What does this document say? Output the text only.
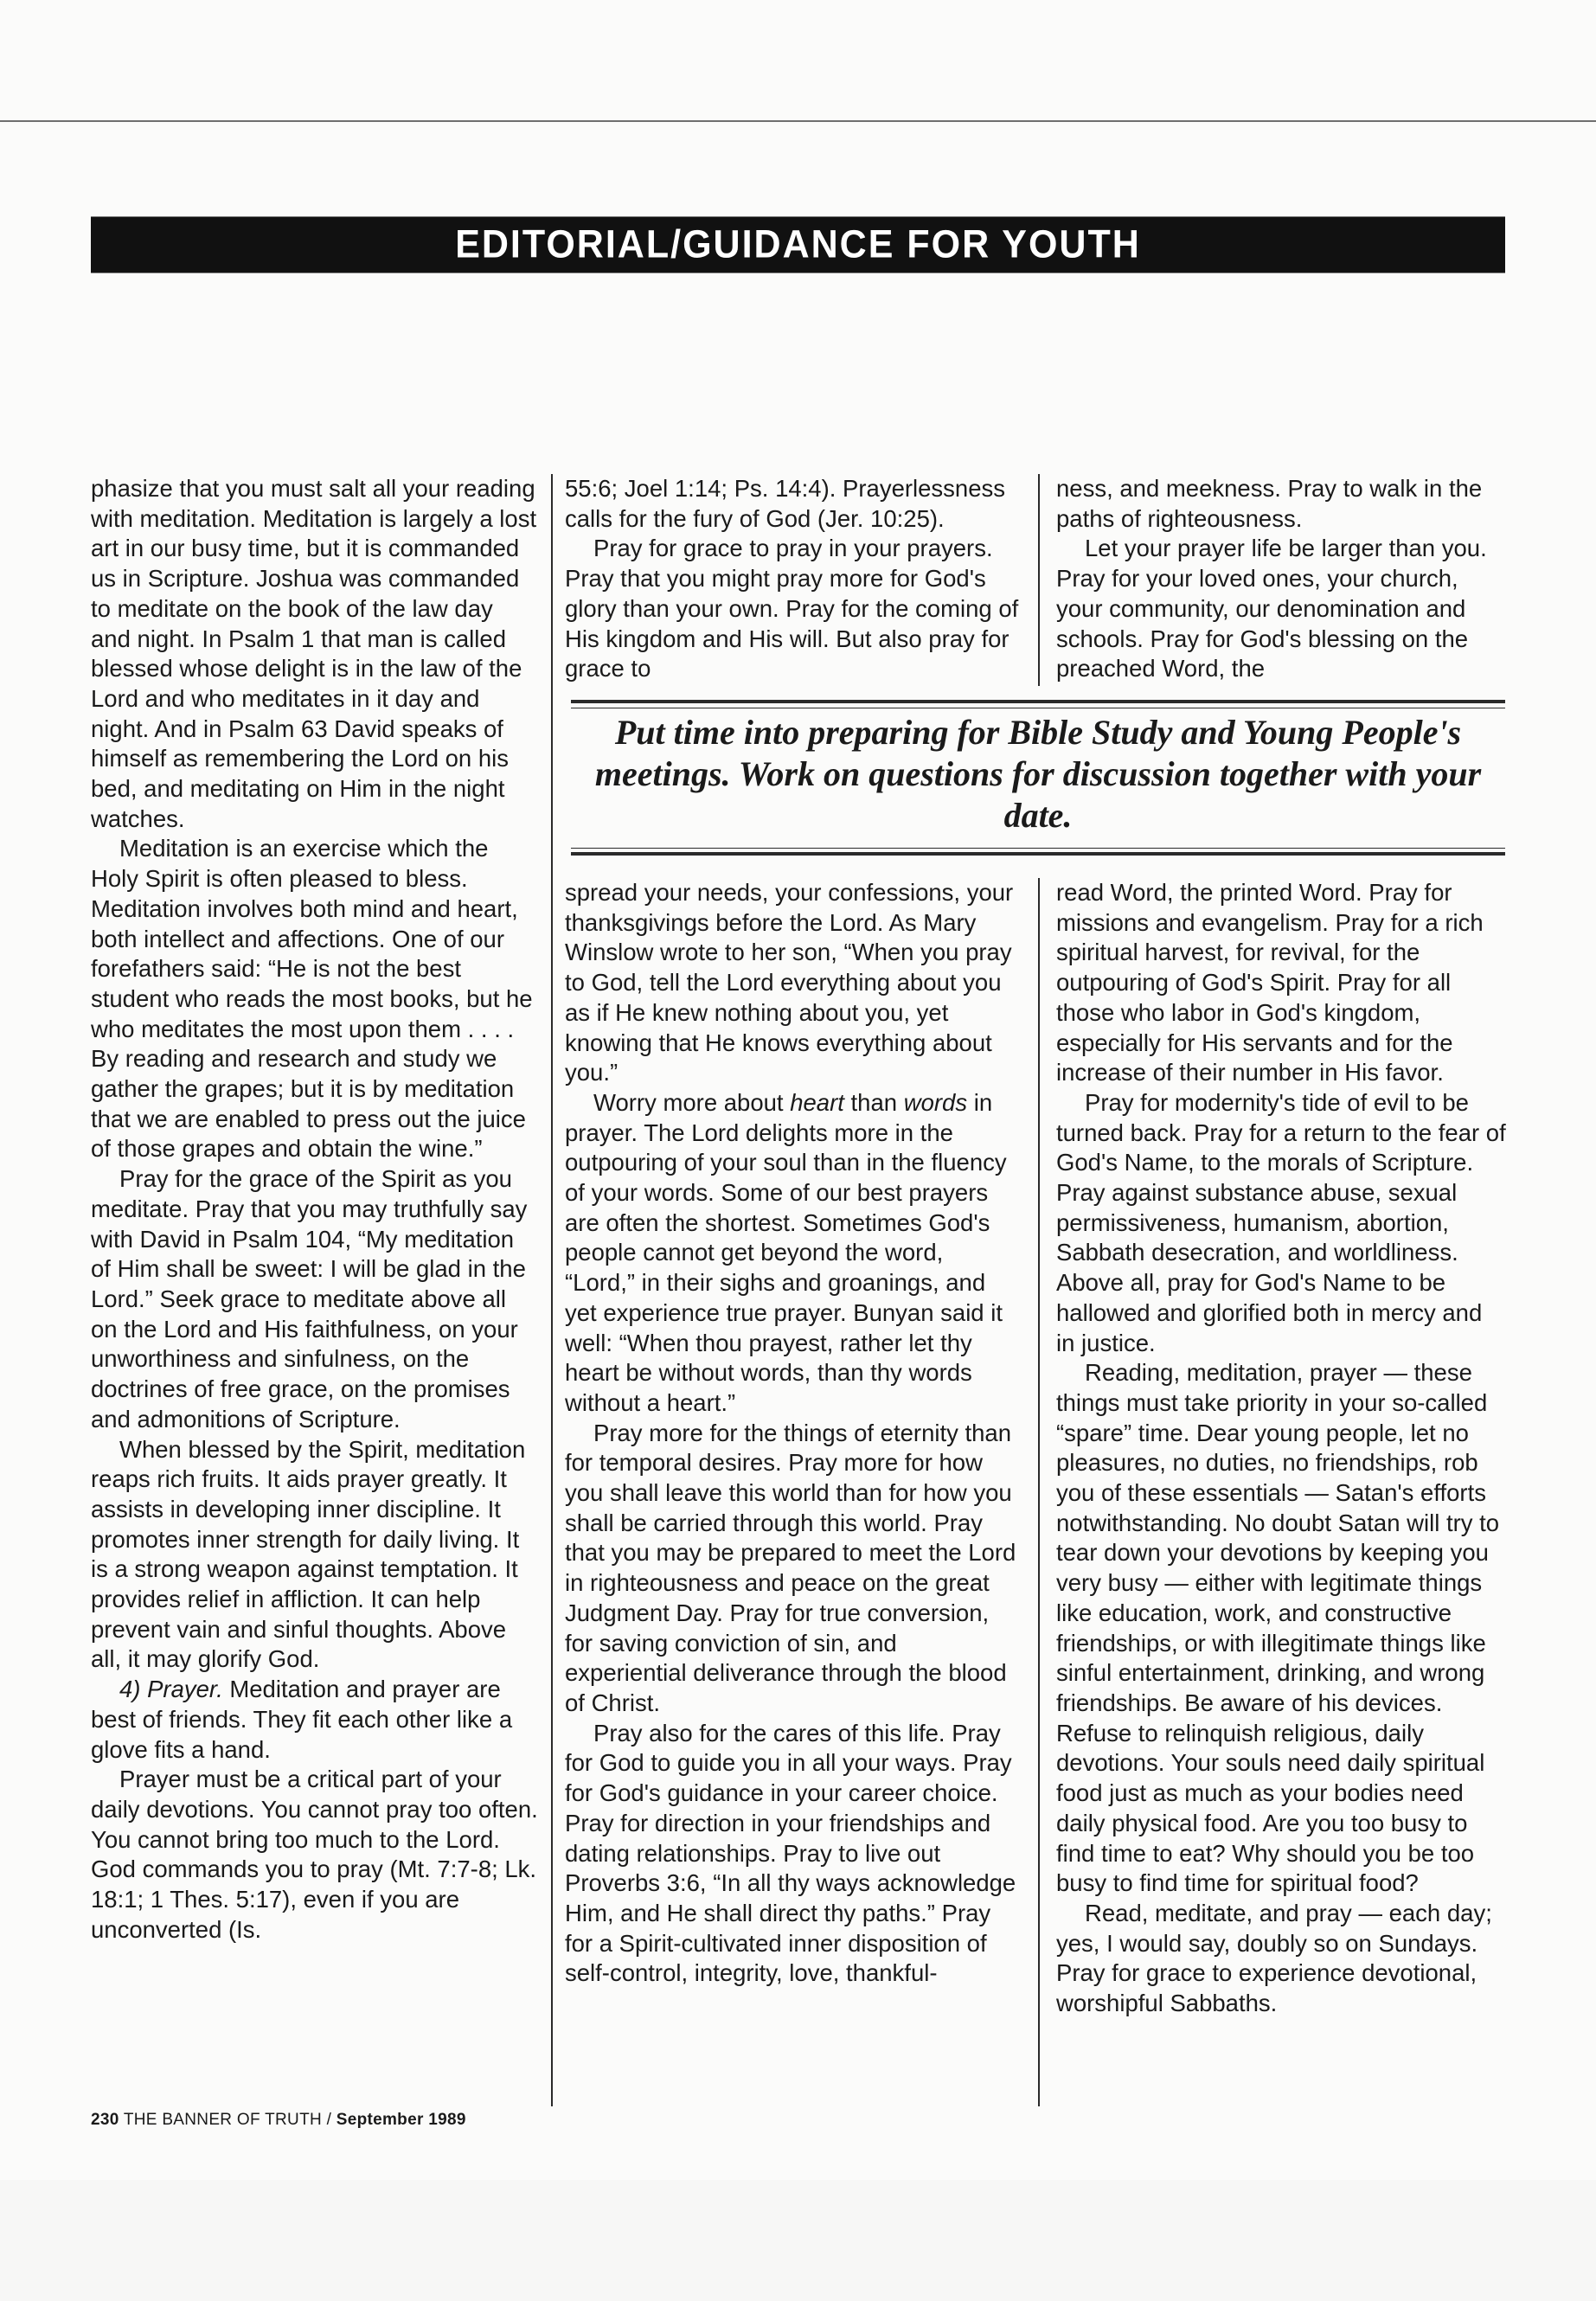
EDITORIAL/GUIDANCE FOR YOUTH

phasize that you must salt all your reading with meditation. Meditation is largely a lost art in our busy time, but it is commanded us in Scripture. Joshua was commanded to meditate on the book of the law day and night. In Psalm 1 that man is called blessed whose delight is in the law of the Lord and who meditates in it day and night. And in Psalm 63 David speaks of himself as remembering the Lord on his bed, and meditating on Him in the night watches.

Meditation is an exercise which the Holy Spirit is often pleased to bless. Meditation involves both mind and heart, both intellect and affections. One of our forefathers said: “He is not the best student who reads the most books, but he who meditates the most upon them . . . . By reading and research and study we gather the grapes; but it is by meditation that we are enabled to press out the juice of those grapes and obtain the wine.”

Pray for the grace of the Spirit as you meditate. Pray that you may truthfully say with David in Psalm 104, “My meditation of Him shall be sweet: I will be glad in the Lord.” Seek grace to meditate above all on the Lord and His faithfulness, on your unworthiness and sinfulness, on the doctrines of free grace, on the promises and admonitions of Scripture.

When blessed by the Spirit, meditation reaps rich fruits. It aids prayer greatly. It assists in developing inner discipline. It promotes inner strength for daily living. It is a strong weapon against temptation. It provides relief in affliction. It can help prevent vain and sinful thoughts. Above all, it may glorify God.

4) Prayer. Meditation and prayer are best of friends. They fit each other like a glove fits a hand.

Prayer must be a critical part of your daily devotions. You cannot pray too often. You cannot bring too much to the Lord. God commands you to pray (Mt. 7:7-8; Lk. 18:1; 1 Thes. 5:17), even if you are unconverted (Is.

55:6; Joel 1:14; Ps. 14:4). Prayerlessness calls for the fury of God (Jer. 10:25).

Pray for grace to pray in your prayers. Pray that you might pray more for God's glory than your own. Pray for the coming of His kingdom and His will. But also pray for grace to

ness, and meekness. Pray to walk in the paths of righteousness.

Let your prayer life be larger than you. Pray for your loved ones, your church, your community, our denomination and schools. Pray for God's blessing on the preached Word, the

Put time into preparing for Bible Study and Young People's meetings. Work on questions for discussion together with your date.

spread your needs, your confessions, your thanksgivings before the Lord. As Mary Winslow wrote to her son, “When you pray to God, tell the Lord everything about you as if He knew nothing about you, yet knowing that He knows everything about you.”

Worry more about heart than words in prayer. The Lord delights more in the outpouring of your soul than in the fluency of your words. Some of our best prayers are often the shortest. Sometimes God's people cannot get beyond the word, “Lord,” in their sighs and groanings, and yet experience true prayer. Bunyan said it well: “When thou prayest, rather let thy heart be without words, than thy words without a heart.”

Pray more for the things of eternity than for temporal desires. Pray more for how you shall leave this world than for how you shall be carried through this world. Pray that you may be prepared to meet the Lord in righteousness and peace on the great Judgment Day. Pray for true conversion, for saving conviction of sin, and experiential deliverance through the blood of Christ.

Pray also for the cares of this life. Pray for God to guide you in all your ways. Pray for God's guidance in your career choice. Pray for direction in your friendships and dating relationships. Pray to live out Proverbs 3:6, “In all thy ways acknowledge Him, and He shall direct thy paths.” Pray for a Spirit-cultivated inner disposition of self-control, integrity, love, thankful-

read Word, the printed Word. Pray for missions and evangelism. Pray for a rich spiritual harvest, for revival, for the outpouring of God's Spirit. Pray for all those who labor in God's kingdom, especially for His servants and for the increase of their number in His favor.

Pray for modernity's tide of evil to be turned back. Pray for a return to the fear of God's Name, to the morals of Scripture. Pray against substance abuse, sexual permissiveness, humanism, abortion, Sabbath desecration, and worldliness. Above all, pray for God's Name to be hallowed and glorified both in mercy and in justice.

Reading, meditation, prayer — these things must take priority in your so-called “spare” time. Dear young people, let no pleasures, no duties, no friendships, rob you of these essentials — Satan's efforts notwithstanding. No doubt Satan will try to tear down your devotions by keeping you very busy — either with legitimate things like education, work, and constructive friendships, or with illegitimate things like sinful entertainment, drinking, and wrong friendships. Be aware of his devices. Refuse to relinquish religious, daily devotions. Your souls need daily spiritual food just as much as your bodies need daily physical food. Are you too busy to find time to eat? Why should you be too busy to find time for spiritual food?

Read, meditate, and pray — each day; yes, I would say, doubly so on Sundays. Pray for grace to experience devotional, worshipful Sabbaths.

230 THE BANNER OF TRUTH / September 1989
